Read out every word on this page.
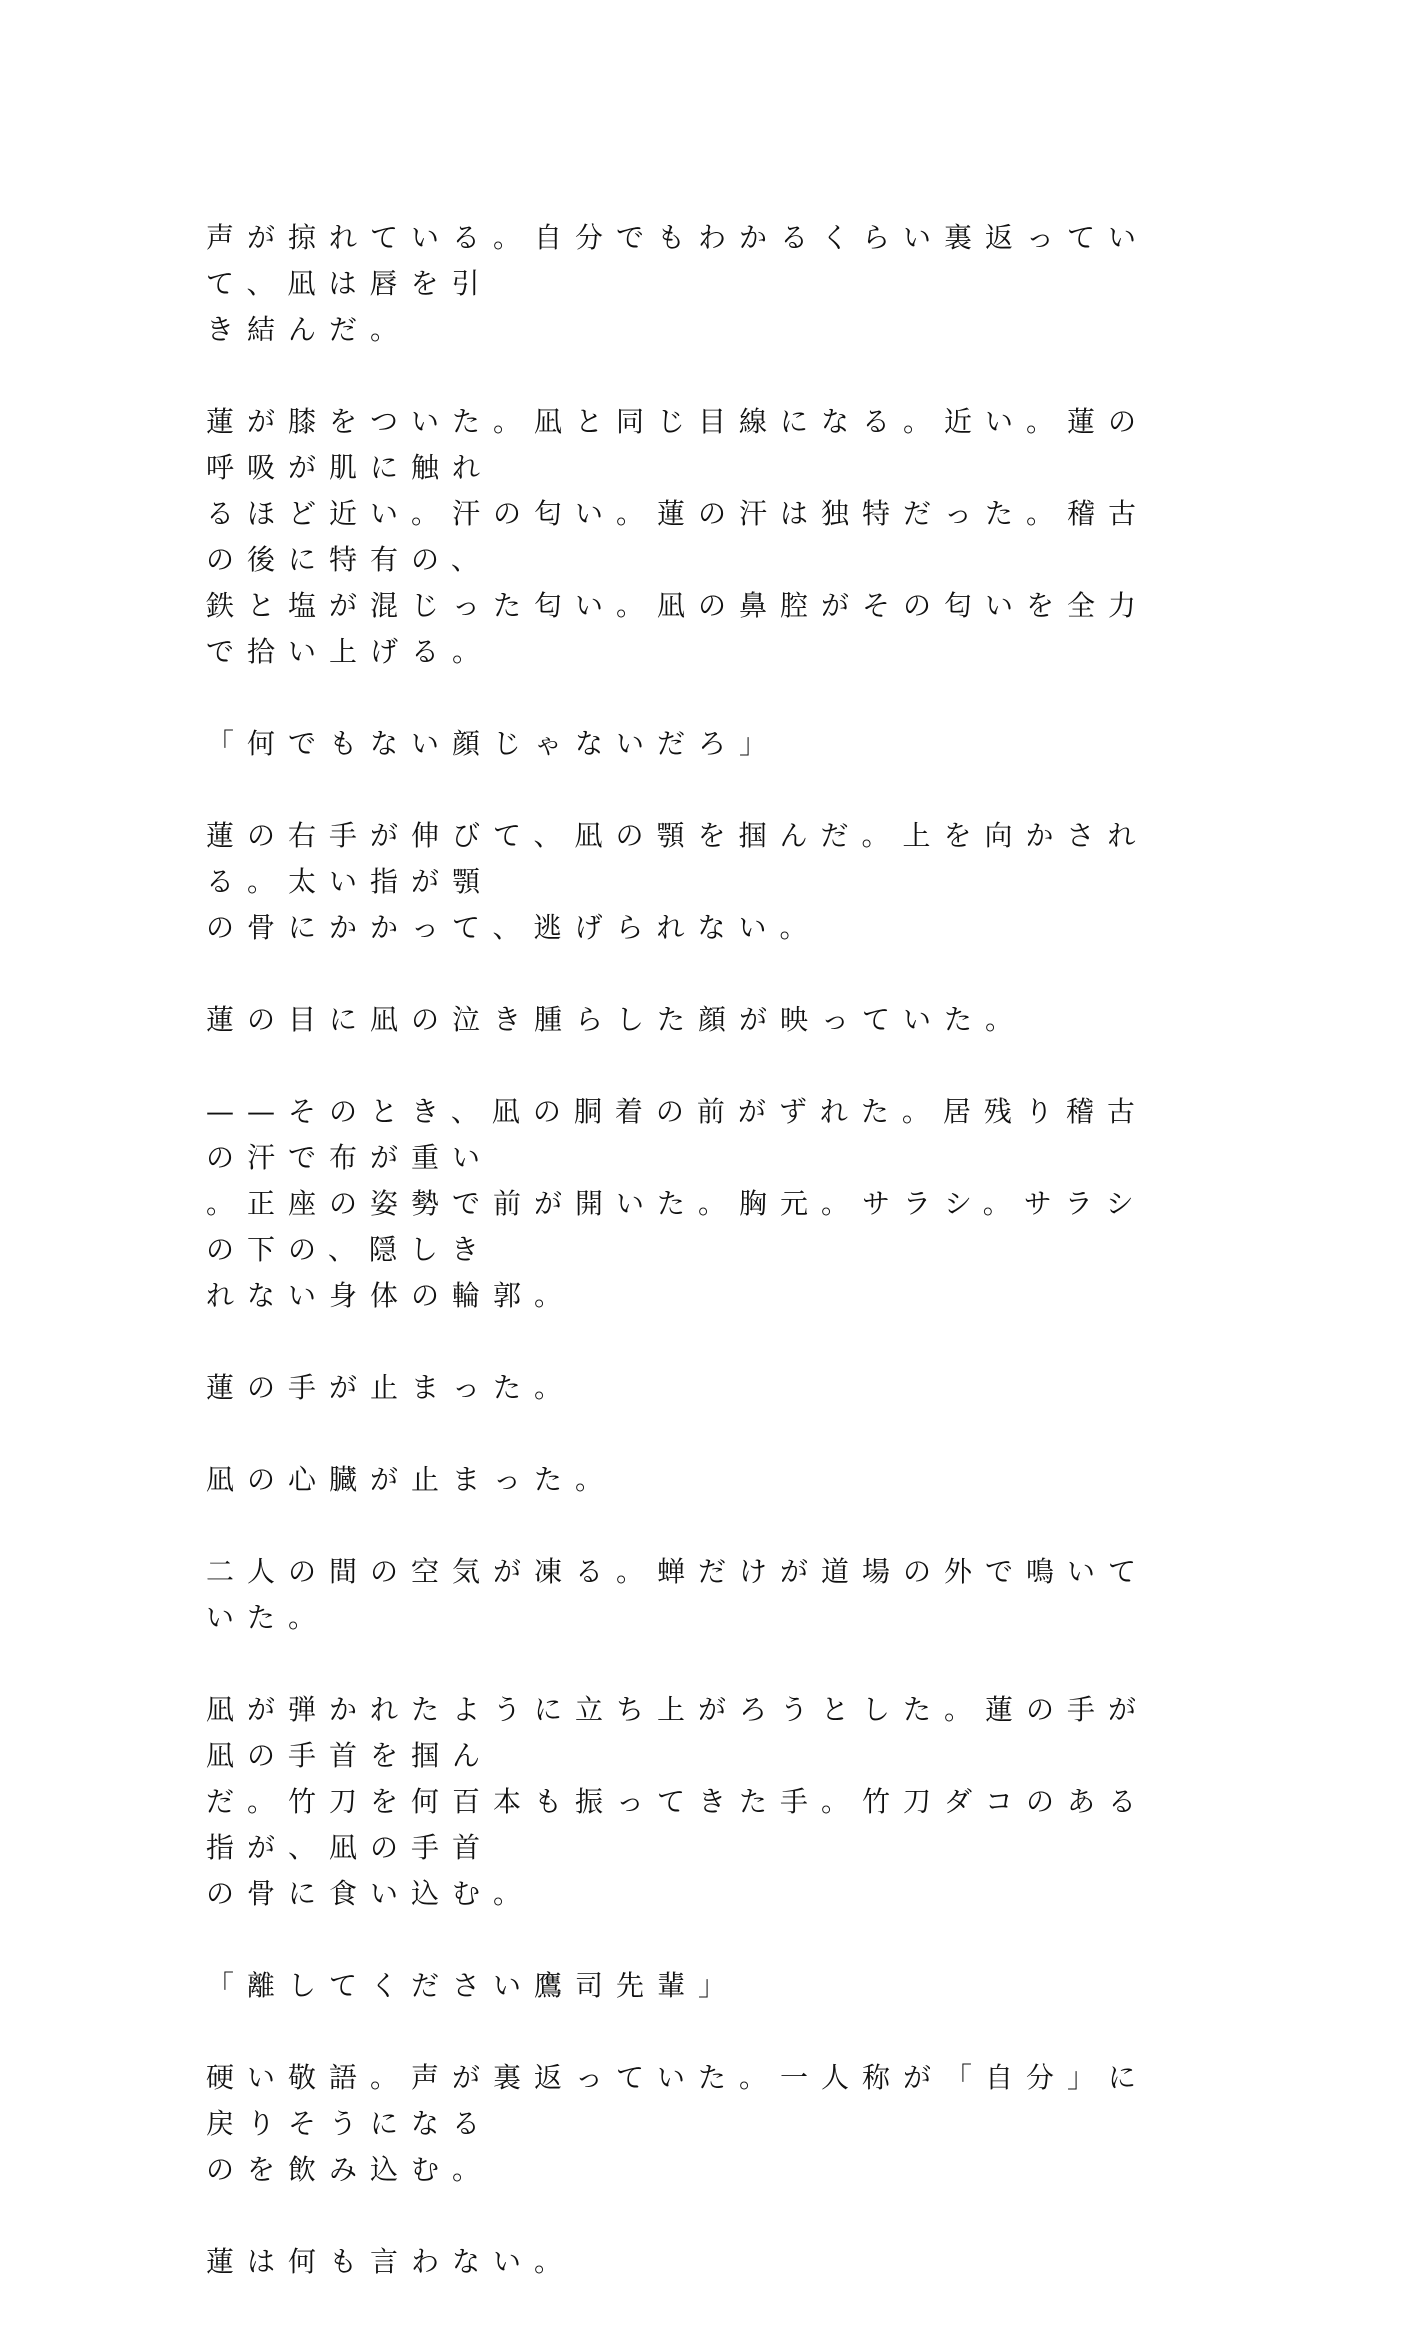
声が掠れている。自分でもわかるくらい裏返っていて、凪は唇を引
き結んだ。
蓮が膝をついた。凪と同じ目線になる。近い。蓮の呼吸が肌に触れ
るほど近い。汗の匂い。蓮の汗は独特だった。稽古の後に特有の、
鉄と塩が混じった匂い。凪の鼻腔がその匂いを全力で拾い上げる。
「何でもない顔じゃないだろ」
蓮の右手が伸びて、凪の顎を掴んだ。上を向かされる。太い指が顎
の骨にかかって、逃げられない。
蓮の目に凪の泣き腫らした顔が映っていた。
——そのとき、凪の胴着の前がずれた。居残り稽古の汗で布が重い
。正座の姿勢で前が開いた。胸元。サラシ。サラシの下の、隠しき
れない身体の輪郭。
蓮の手が止まった。
凪の心臓が止まった。
二人の間の空気が凍る。蝉だけが道場の外で鳴いていた。
凪が弾かれたように立ち上がろうとした。蓮の手が凪の手首を掴ん
だ。竹刀を何百本も振ってきた手。竹刀ダコのある指が、凪の手首
の骨に食い込む。
「離してください鷹司先輩」
硬い敬語。声が裏返っていた。一人称が「自分」に戻りそうになる
のを飲み込む。
蓮は何も言わない。
